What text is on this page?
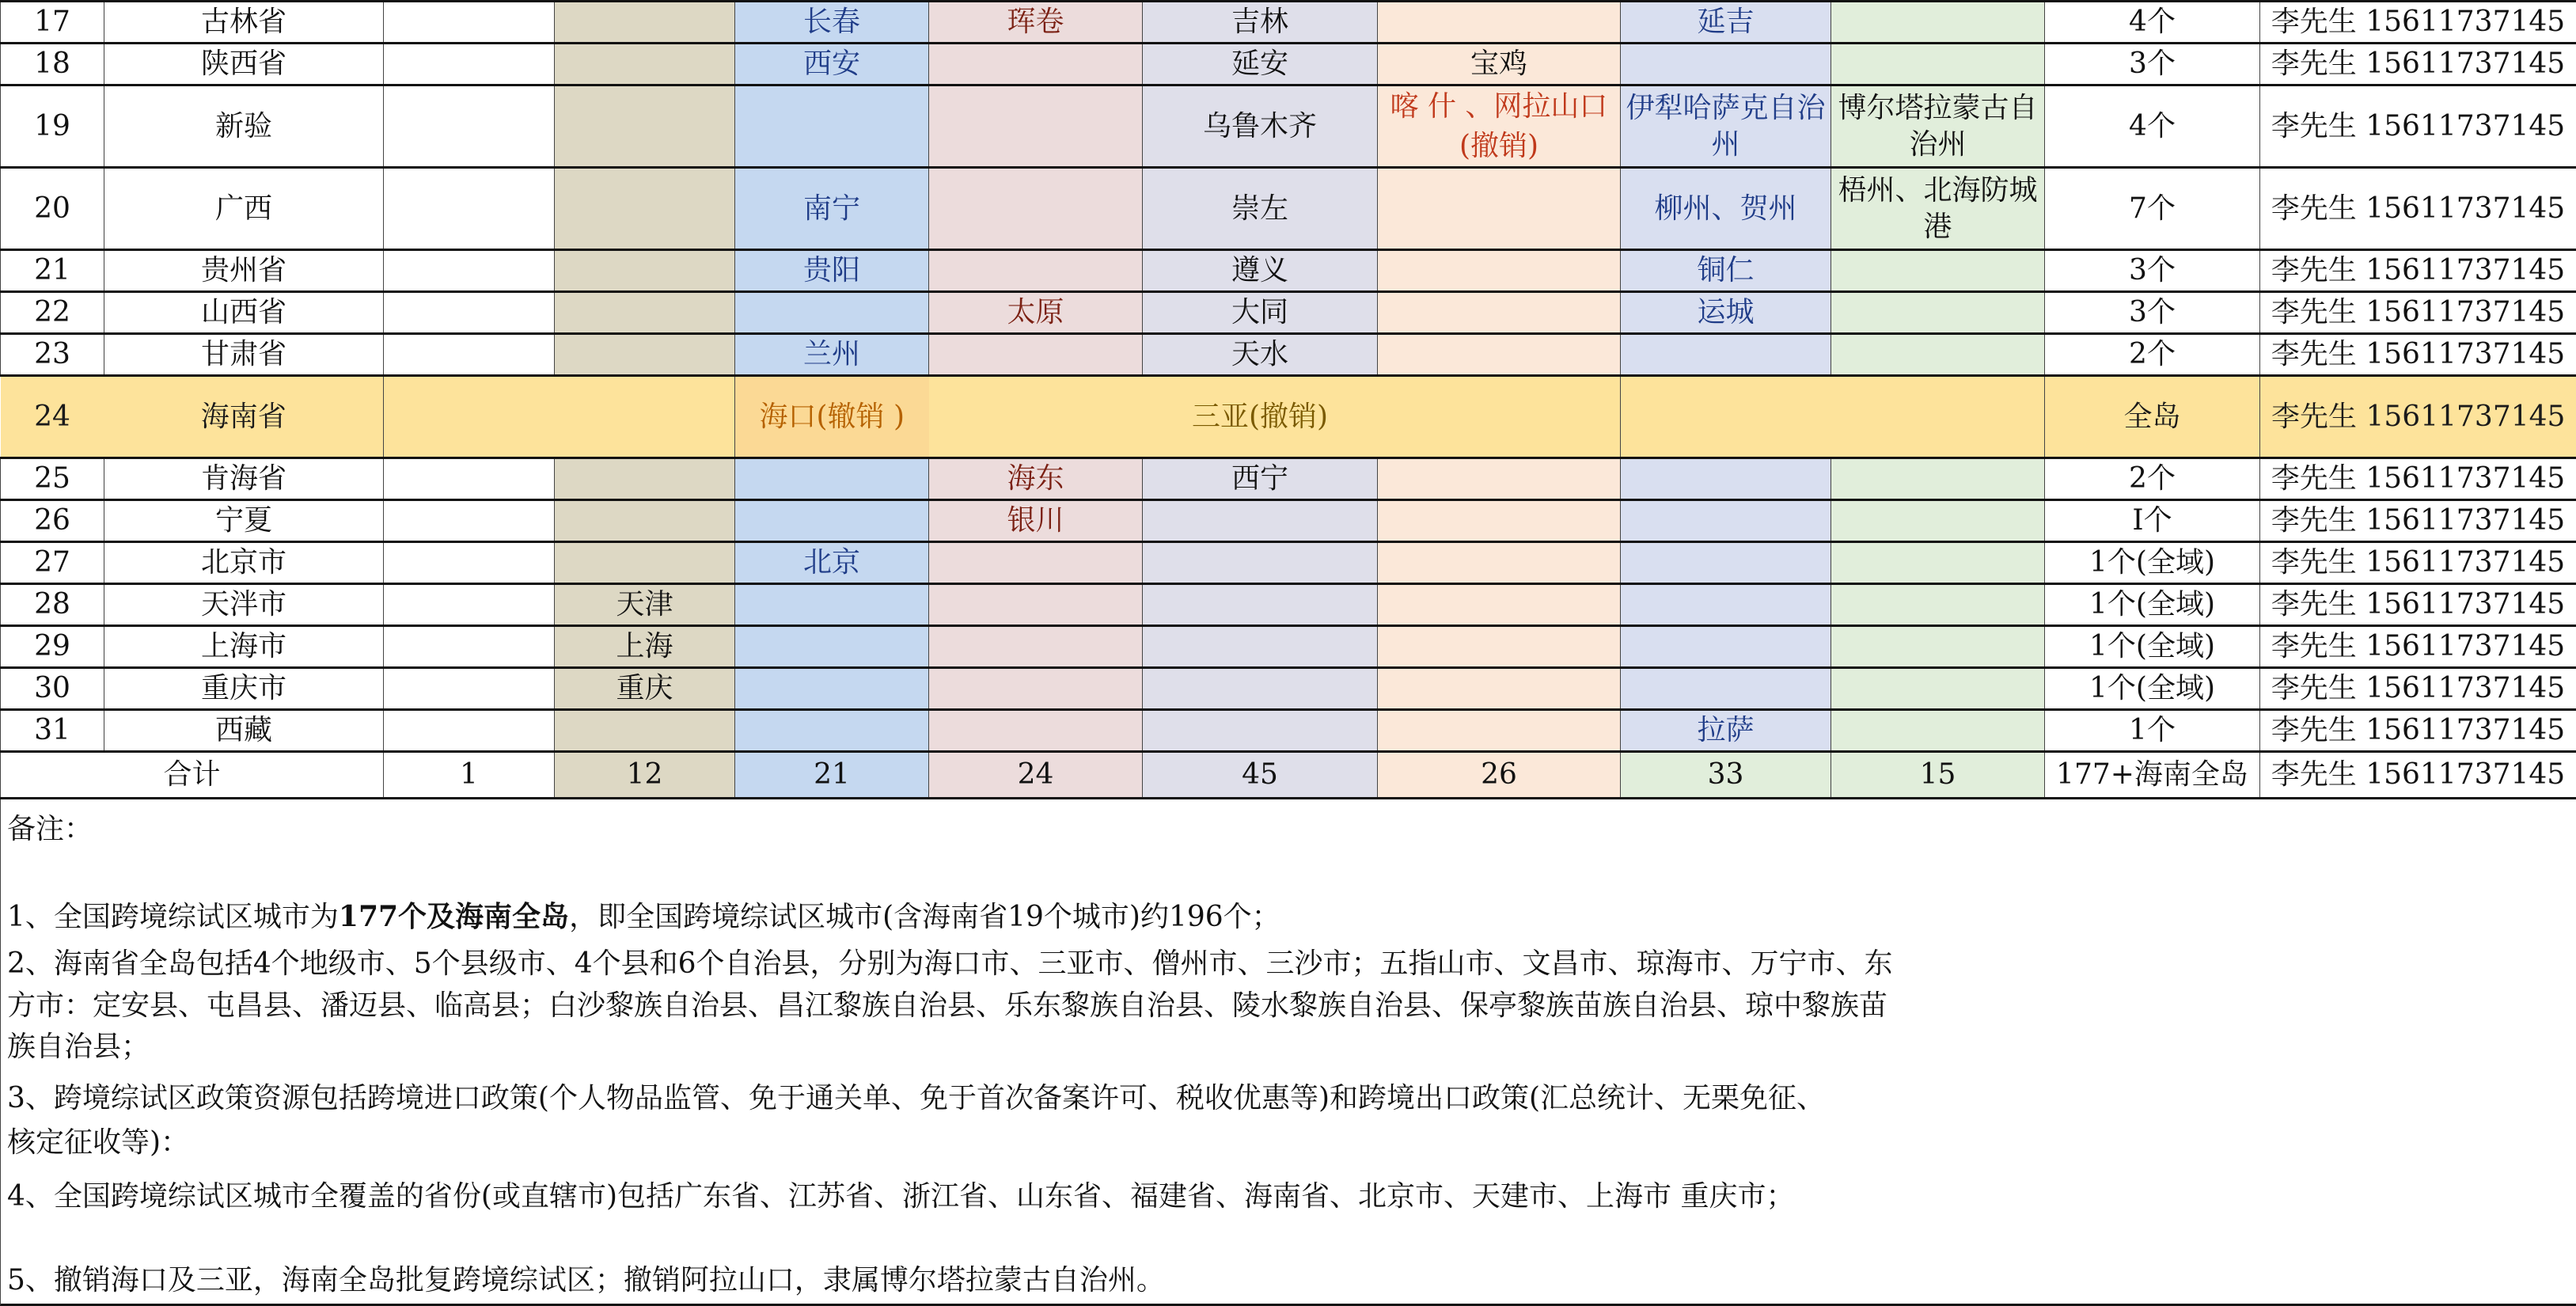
17	古林省			长春	珲卷	吉林		延吉		4个	李先生 15611737145
18	陕西省			西安		延安	宝鸡			3个	李先生 15611737145
19	新验					乌鲁木齐	喀 什 、网拉山口(撤销)	伊犁哈萨克自治州	博尔塔拉蒙古自治州	4个	李先生 15611737145
20	广西			南宁		崇左		柳州、贺州	梧州、北海防城港	7个	李先生 15611737145
21	贵州省			贵阳		遵义		铜仁		3个	李先生 15611737145
22	山西省				太原	大同		运城		3个	李先生 15611737145
23	甘肃省			兰州		天水				2个	李先生 15611737145
24	海南省			海口(辙销 )		三亚(撤销)				全岛	李先生 15611737145
25	肯海省				海东	西宁				2个	李先生 15611737145
26	宁夏				银川					I个	李先生 15611737145
27	北京市			北京						1个(全域)	李先生 15611737145
28	天泮市		天津							1个(全域)	李先生 15611737145
29	上海市		上海							1个(全域)	李先生 15611737145
30	重庆市		重庆							1个(全域)	李先生 15611737145
31	西藏							拉萨		1个	李先生 15611737145
合计		1	12	21	24	45	26	33	15	177+海南全岛	李先生 15611737145
备注：
1、全国跨境综试区城市为177个及海南全岛，即全国跨境综试区城市(含海南省19个城市)约196个；
2、海南省全岛包括4个地级市、5个县级市、4个县和6个自治县，分别为海口市、三亚市、僧州市、三沙市；五指山市、文昌市、琼海市、万宁市、东
方市：定安县、屯昌县、潘迈县、临高县；白沙黎族自治县、昌江黎族自治县、乐东黎族自治县、陵水黎族自治县、保亭黎族苗族自治县、琼中黎族苗
族自治县；
3、跨境综试区政策资源包括跨境进口政策(个人物品监管、免于通关单、免于首次备案许可、税收优惠等)和跨境出口政策(汇总统计、无栗免征、
核定征收等)：
4、全国跨境综试区城市全覆盖的省份(或直辖市)包括广东省、江苏省、浙江省、山东省、福建省、海南省、北京市、天建市、上海市 重庆市；
5、撤销海口及三亚，海南全岛批复跨境综试区；撤销阿拉山口，隶属博尔塔拉蒙古自治州。
